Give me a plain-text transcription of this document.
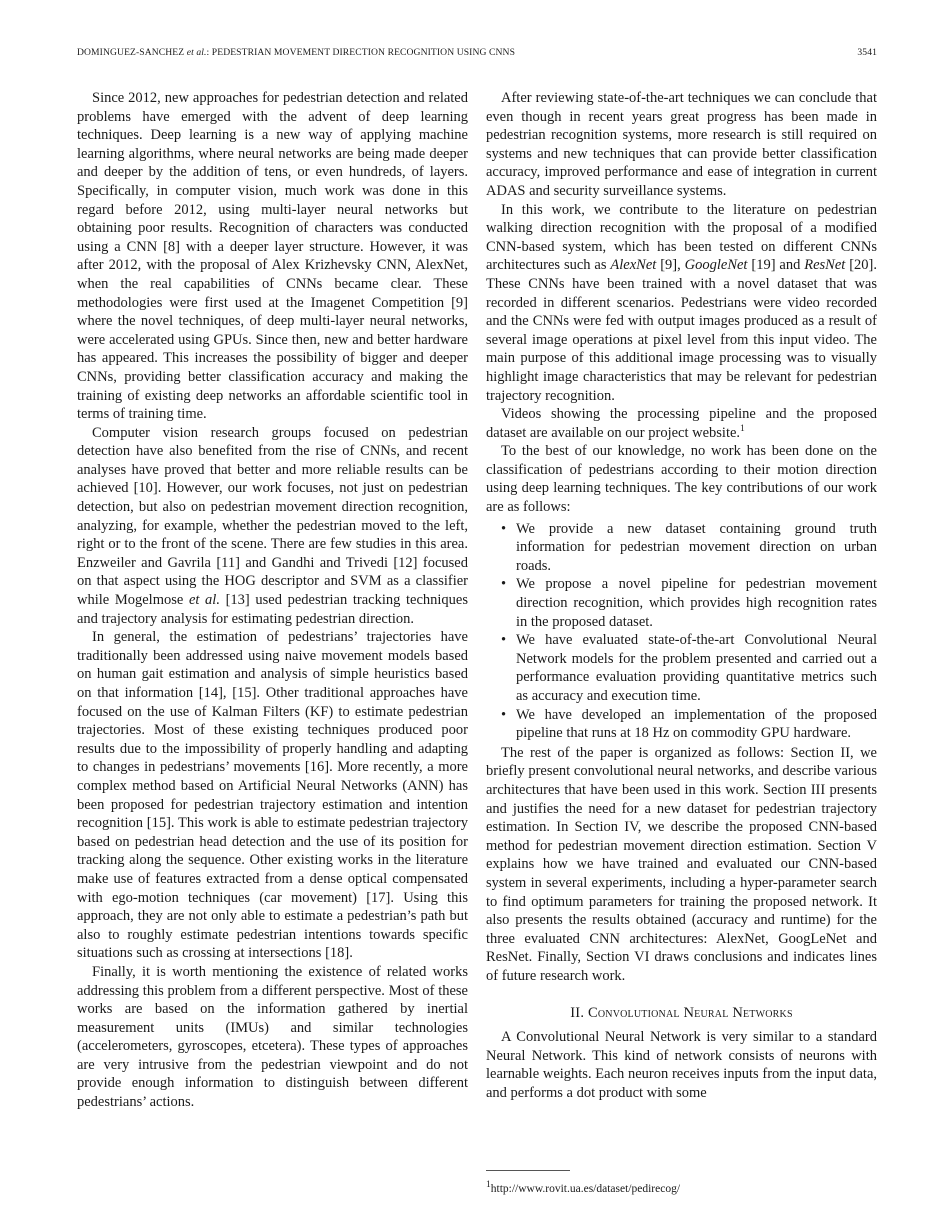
DOMINGUEZ-SANCHEZ et al.: PEDESTRIAN MOVEMENT DIRECTION RECOGNITION USING CNNS	3541

Since 2012, new approaches for pedestrian detection and related problems have emerged with the advent of deep learning techniques. Deep learning is a new way of applying machine learning algorithms, where neural networks are being made deeper and deeper by the addition of tens, or even hundreds, of layers. Specifically, in computer vision, much work was done in this regard before 2012, using multi-layer neural networks but obtaining poor results. Recognition of characters was conducted using a CNN [8] with a deeper layer structure. However, it was after 2012, with the proposal of Alex Krizhevsky CNN, AlexNet, when the real capabilities of CNNs became clear. These methodologies were first used at the Imagenet Competition [9] where the novel techniques, of deep multi-layer neural networks, were accelerated using GPUs. Since then, new and better hardware has appeared. This increases the possibility of bigger and deeper CNNs, providing better classification accuracy and making the training of existing deep networks an affordable scientific tool in terms of training time.

Computer vision research groups focused on pedestrian detection have also benefited from the rise of CNNs, and recent analyses have proved that better and more reliable results can be achieved [10]. However, our work focuses, not just on pedestrian detection, but also on pedestrian movement direction recognition, analyzing, for example, whether the pedestrian moved to the left, right or to the front of the scene. There are few studies in this area. Enzweiler and Gavrila [11] and Gandhi and Trivedi [12] focused on that aspect using the HOG descriptor and SVM as a classifier while Mogelmose et al. [13] used pedestrian tracking techniques and trajectory analysis for estimating pedestrian direction.

In general, the estimation of pedestrians’ trajectories have traditionally been addressed using naive movement models based on human gait estimation and analysis of simple heuristics based on that information [14], [15]. Other traditional approaches have focused on the use of Kalman Filters (KF) to estimate pedestrian trajectories. Most of these existing techniques produced poor results due to the impossibility of properly handling and adapting to changes in pedestrians’ movements [16]. More recently, a more complex method based on Artificial Neural Networks (ANN) has been proposed for pedestrian trajectory estimation and intention recognition [15]. This work is able to estimate pedestrian trajectory based on pedestrian head detection and the use of its position for tracking along the sequence. Other existing works in the literature make use of features extracted from a dense optical compensated with ego-motion techniques (car movement) [17]. Using this approach, they are not only able to estimate a pedestrian’s path but also to roughly estimate pedestrian intentions towards specific situations such as crossing at intersections [18].

Finally, it is worth mentioning the existence of related works addressing this problem from a different perspective. Most of these works are based on the information gathered by inertial measurement units (IMUs) and similar technologies (accelerometers, gyroscopes, etcetera). These types of approaches are very intrusive from the pedestrian viewpoint and do not provide enough information to distinguish between different pedestrians’ actions.

After reviewing state-of-the-art techniques we can conclude that even though in recent years great progress has been made in pedestrian recognition systems, more research is still required on systems and new techniques that can provide better classification accuracy, improved performance and ease of integration in current ADAS and security surveillance systems.

In this work, we contribute to the literature on pedestrian walking direction recognition with the proposal of a modified CNN-based system, which has been tested on different CNNs architectures such as AlexNet [9], GoogleNet [19] and ResNet [20]. These CNNs have been trained with a novel dataset that was recorded in different scenarios. Pedestrians were video recorded and the CNNs were fed with output images produced as a result of several image operations at pixel level from this input video. The main purpose of this additional image processing was to visually highlight image characteristics that may be relevant for pedestrian trajectory recognition.

Videos showing the processing pipeline and the proposed dataset are available on our project website.$^1$

To the best of our knowledge, no work has been done on the classification of pedestrians according to their motion direction using deep learning techniques. The key contributions of our work are as follows:

• We provide a new dataset containing ground truth information for pedestrian movement direction on urban roads.
• We propose a novel pipeline for pedestrian movement direction recognition, which provides high recognition rates in the proposed dataset.
• We have evaluated state-of-the-art Convolutional Neural Network models for the problem presented and carried out a performance evaluation providing quantitative metrics such as accuracy and execution time.
• We have developed an implementation of the proposed pipeline that runs at 18 Hz on commodity GPU hardware.

The rest of the paper is organized as follows: Section II, we briefly present convolutional neural networks, and describe various architectures that have been used in this work. Section III presents and justifies the need for a new dataset for pedestrian trajectory estimation. In Section IV, we describe the proposed CNN-based method for pedestrian movement direction estimation. Section V explains how we have trained and evaluated our CNN-based system in several experiments, including a hyper-parameter search to find optimum parameters for training the proposed network. It also presents the results obtained (accuracy and runtime) for the three evaluated CNN architectures: AlexNet, GoogLeNet and ResNet. Finally, Section VI draws conclusions and indicates lines of future research work.

II. Convolutional Neural Networks

A Convolutional Neural Network is very similar to a standard Neural Network. This kind of network consists of neurons with learnable weights. Each neuron receives inputs from the input data, and performs a dot product with some

$^1$http://www.rovit.ua.es/dataset/pedirecog/
